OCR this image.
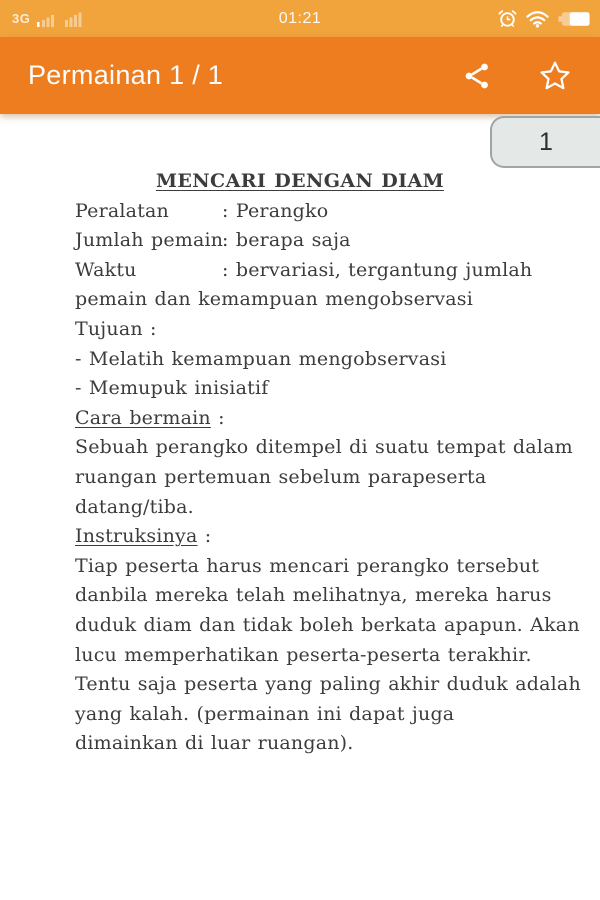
3G	01:21
Permainan 1 / 1
1
MENCARI DENGAN DIAM
Peralatan	: Perangko
Jumlah pemain: berapa saja
Waktu	: bervariasi, tergantung jumlah
pemain dan kemampuan mengobservasi
Tujuan :
- Melatih kemampuan mengobservasi
- Memupuk inisiatif
Cara bermain :
Sebuah perangko ditempel di suatu tempat dalam
ruangan pertemuan sebelum parapeserta
datang/tiba.
Instruksinya :
Tiap peserta harus mencari perangko tersebut
danbila mereka telah melihatnya, mereka harus
duduk diam dan tidak boleh berkata apapun. Akan
lucu memperhatikan peserta-peserta terakhir.
Tentu saja peserta yang paling akhir duduk adalah
yang kalah. (permainan ini dapat juga
dimainkan di luar ruangan).
